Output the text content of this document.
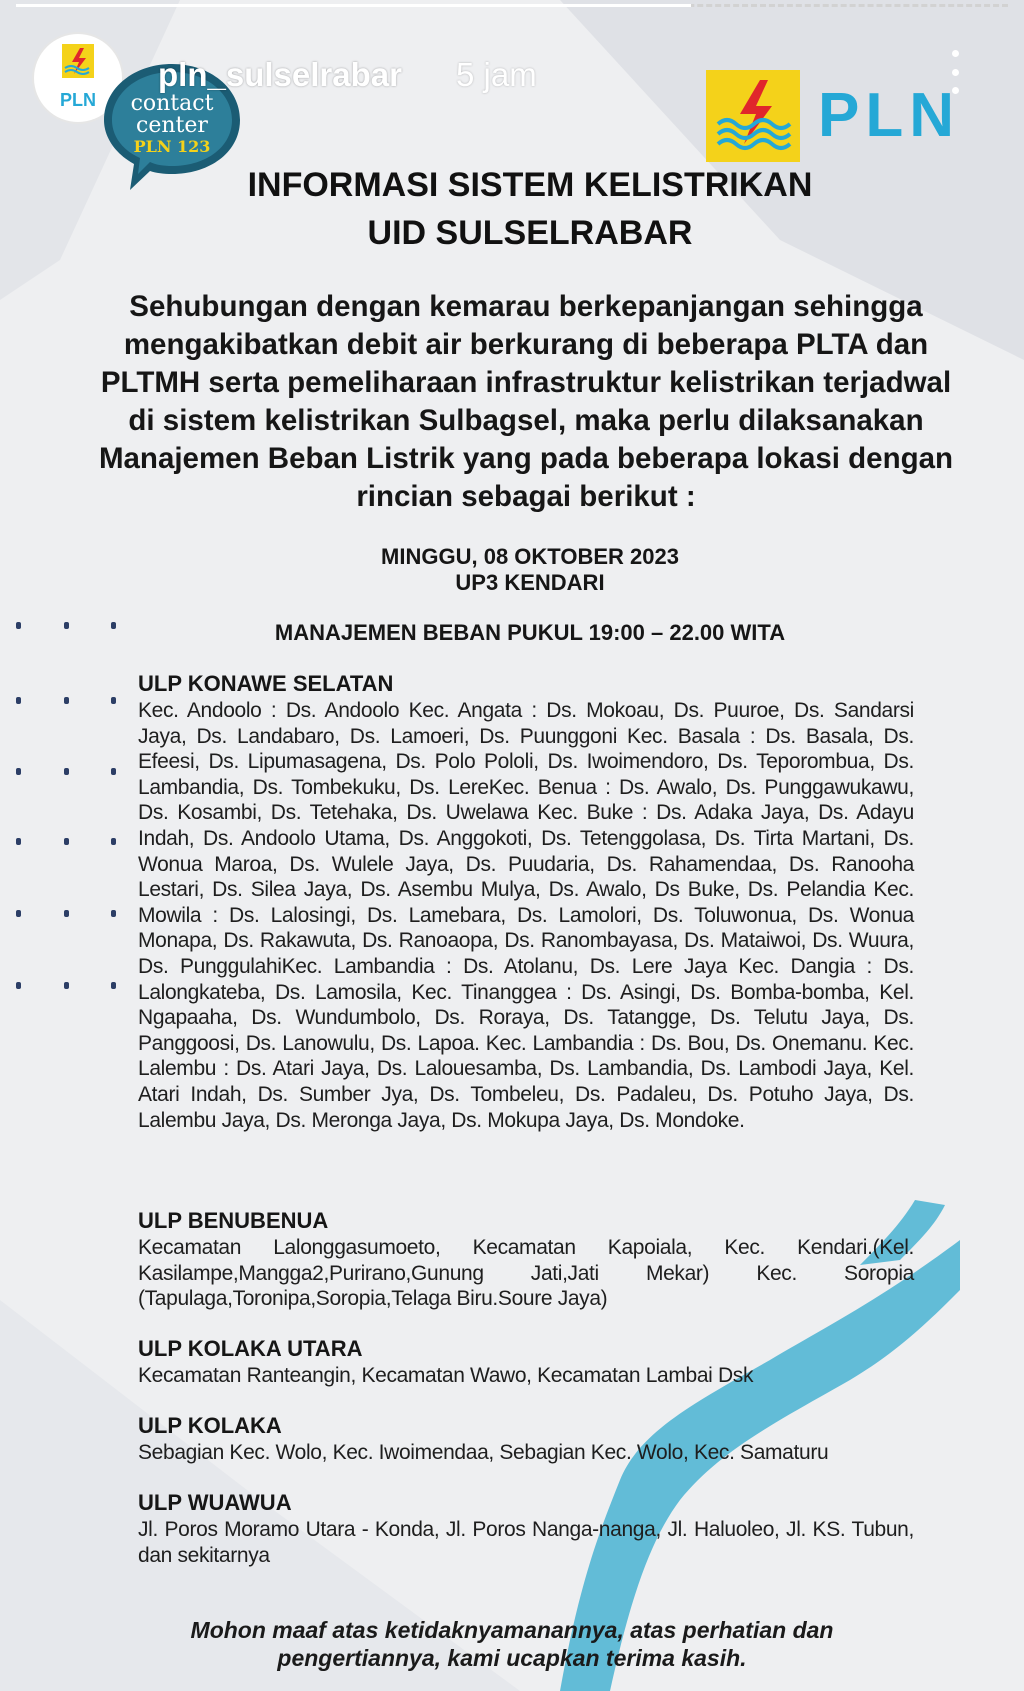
PLN contact
center
PLN 123
pln_sulselrabar 5 jam
PLN
INFORMASI SISTEM KELISTRIKAN
UID SULSELRABAR
Sehubungan dengan kemarau berkepanjangan sehingga mengakibatkan debit air berkurang di beberapa PLTA dan PLTMH serta pemeliharaan infrastruktur kelistrikan terjadwal di sistem kelistrikan Sulbagsel, maka perlu dilaksanakan Manajemen Beban Listrik yang pada beberapa lokasi dengan rincian sebagai berikut :
MINGGU, 08 OKTOBER 2023
UP3 KENDARI
MANAJEMEN BEBAN PUKUL 19:00 – 22.00 WITA
ULP KONAWE SELATAN
Kec. Andoolo : Ds. Andoolo Kec. Angata : Ds. Mokoau, Ds. Puuroe, Ds. Sandarsi Jaya, Ds. Landabaro, Ds. Lamoeri, Ds. Puunggoni Kec. Basala : Ds. Basala, Ds. Efeesi, Ds. Lipumasagena, Ds. Polo Pololi, Ds. Iwoimendoro, Ds. Teporombua, Ds. Lambandia, Ds. Tombekuku, Ds. LereKec. Benua : Ds. Awalo, Ds. Punggawukawu, Ds. Kosambi, Ds. Tetehaka, Ds. Uwelawa Kec. Buke : Ds. Adaka Jaya, Ds. Adayu Indah, Ds. Andoolo Utama, Ds. Anggokoti, Ds. Tetenggolasa, Ds. Tirta Martani, Ds. Wonua Maroa, Ds. Wulele Jaya, Ds. Puudaria, Ds. Rahamendaa, Ds. Ranooha Lestari, Ds. Silea Jaya, Ds. Asembu Mulya, Ds. Awalo, Ds Buke, Ds. Pelandia Kec. Mowila : Ds. Lalosingi, Ds. Lamebara, Ds. Lamolori, Ds. Toluwonua, Ds. Wonua Monapa, Ds. Rakawuta, Ds. Ranoaopa, Ds. Ranombayasa, Ds. Mataiwoi, Ds. Wuura, Ds. PunggulahiKec. Lambandia : Ds. Atolanu, Ds. Lere Jaya Kec. Dangia : Ds. Lalongkateba, Ds. Lamosila, Kec. Tinanggea : Ds. Asingi, Ds. Bomba-bomba, Kel. Ngapaaha, Ds. Wundumbolo, Ds. Roraya, Ds. Tatangge, Ds. Telutu Jaya, Ds. Panggoosi, Ds. Lanowulu, Ds. Lapoa. Kec. Lambandia : Ds. Bou, Ds. Onemanu. Kec. Lalembu : Ds. Atari Jaya, Ds. Lalouesamba, Ds. Lambandia, Ds. Lambodi Jaya, Kel. Atari Indah, Ds. Sumber Jya, Ds. Tombeleu, Ds. Padaleu, Ds. Potuho Jaya, Ds. Lalembu Jaya, Ds. Meronga Jaya, Ds. Mokupa Jaya, Ds. Mondoke.
ULP BENUBENUA
Kecamatan Lalonggasumoeto, Kecamatan Kapoiala, Kec. Kendari.(Kel. Kasilampe,Mangga2,Purirano,Gunung Jati,Jati Mekar) Kec. Soropia (Tapulaga,Toronipa,Soropia,Telaga Biru.Soure Jaya)
ULP KOLAKA UTARA
Kecamatan Ranteangin, Kecamatan Wawo, Kecamatan Lambai Dsk
ULP KOLAKA
Sebagian Kec. Wolo, Kec. Iwoimendaa, Sebagian Kec. Wolo, Kec. Samaturu
ULP WUAWUA
Jl. Poros Moramo Utara - Konda, Jl. Poros Nanga-nanga, Jl. Haluoleo, Jl. KS. Tubun, dan sekitarnya
Mohon maaf atas ketidaknyamanannya, atas perhatian dan pengertiannya, kami ucapkan terima kasih.
